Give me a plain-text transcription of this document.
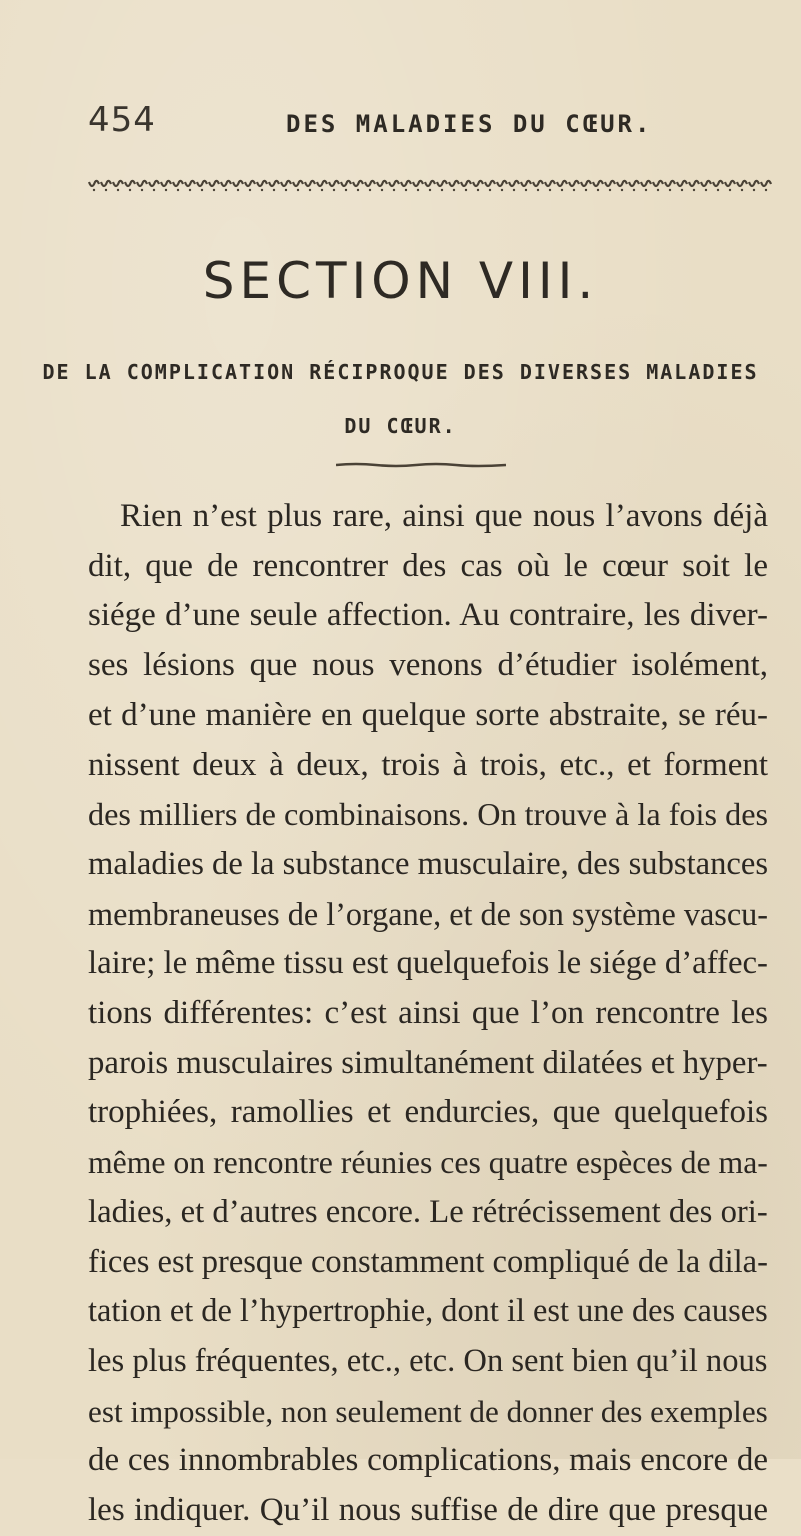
454	DES MALADIES DU CŒUR.
SECTION VIII.
DE LA COMPLICATION RÉCIPROQUE DES DIVERSES MALADIES
DU CŒUR.
Rien n’est plus rare, ainsi que nous l’avons déjà
dit, que de rencontrer des cas où le cœur soit le
siége d’une seule affection. Au contraire, les diver-
ses lésions que nous venons d’étudier isolément,
et d’une manière en quelque sorte abstraite, se réu-
nissent deux à deux, trois à trois, etc., et forment
des milliers de combinaisons. On trouve à la fois des
maladies de la substance musculaire, des substances
membraneuses de l’organe, et de son système vascu-
laire; le même tissu est quelquefois le siége d’affec-
tions différentes: c’est ainsi que l’on rencontre les
parois musculaires simultanément dilatées et hyper-
trophiées, ramollies et endurcies, que quelquefois
même on rencontre réunies ces quatre espèces de ma-
ladies, et d’autres encore. Le rétrécissement des ori-
fices est presque constamment compliqué de la dila-
tation et de l’hypertrophie, dont il est une des causes
les plus fréquentes, etc., etc. On sent bien qu’il nous
est impossible, non seulement de donner des exemples
de ces innombrables complications, mais encore de
les indiquer. Qu’il nous suffise de dire que presque
